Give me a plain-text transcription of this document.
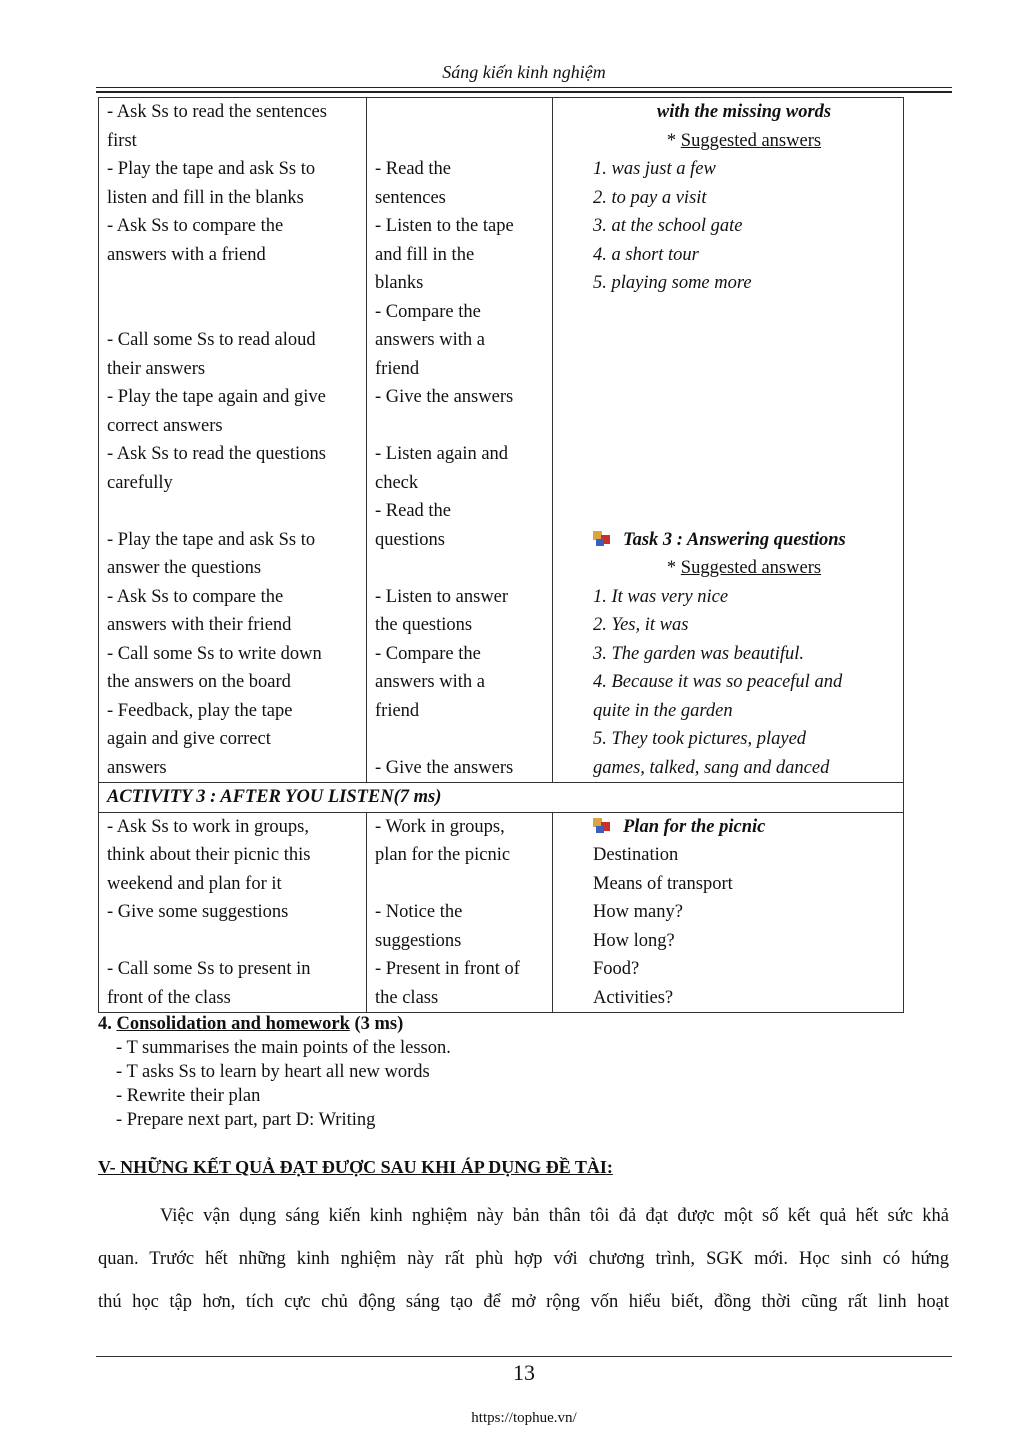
Sáng kiến kinh nghiệm
- Ask Ss to read the sentences
first
- Play the tape and ask Ss to
listen and fill in the blanks
- Ask Ss to compare the
answers with a friend
- Call some Ss to read aloud
their answers
- Play the tape again and give
correct answers
- Ask Ss to read the questions
carefully
- Play the tape and ask Ss to
answer the questions
- Ask Ss to compare the
answers with their friend
- Call some Ss to write down
the answers on the board
- Feedback, play the tape
again and give correct
answers
- Read the
sentences
- Listen to the tape
and fill in the
blanks
- Compare the
answers with a
friend
- Give the answers
- Listen again and
check
- Read the
questions
- Listen to answer
the questions
- Compare the
answers with a
friend
- Give the answers
with the missing words
* Suggested answers
1. was just a few
2. to pay a visit
3. at the school gate
4. a short tour
5. playing some more
Task 3 : Answering questions
* Suggested answers
1. It was very nice
2. Yes, it was
3. The garden was beautiful.
4. Because it was so peaceful and
quite in the garden
5. They took pictures, played
games, talked, sang and danced
ACTIVITY 3 : AFTER YOU LISTEN(7 ms)
- Ask Ss to work in groups,
think about their picnic this
weekend and plan for it
- Give some suggestions
- Call some Ss to present in
front of the class
- Work in groups,
plan for the picnic
- Notice the
suggestions
- Present in front of
the class
Plan for the picnic
Destination
Means of transport
How many?
How long?
Food?
Activities?
4. Consolidation and homework (3 ms)
- T summarises the main points of the lesson.
- T asks Ss to learn by heart all new words
- Rewrite their plan
- Prepare next part, part D: Writing
V- NHỮNG KẾT QUẢ ĐẠT ĐƯỢC SAU KHI ÁP DỤNG ĐỀ TÀI:
Việc vận dụng sáng kiến kinh nghiệm này bản thân tôi đả đạt được một số kết quả hết sức khả
quan. Trước hết những kinh nghiệm này rất phù hợp với chương trình, SGK mới. Học sinh có hứng
thú học tập hơn, tích cực chủ động sáng tạo để mở rộng vốn hiểu biết, đồng thời cũng rất linh hoạt
13
https://tophue.vn/
